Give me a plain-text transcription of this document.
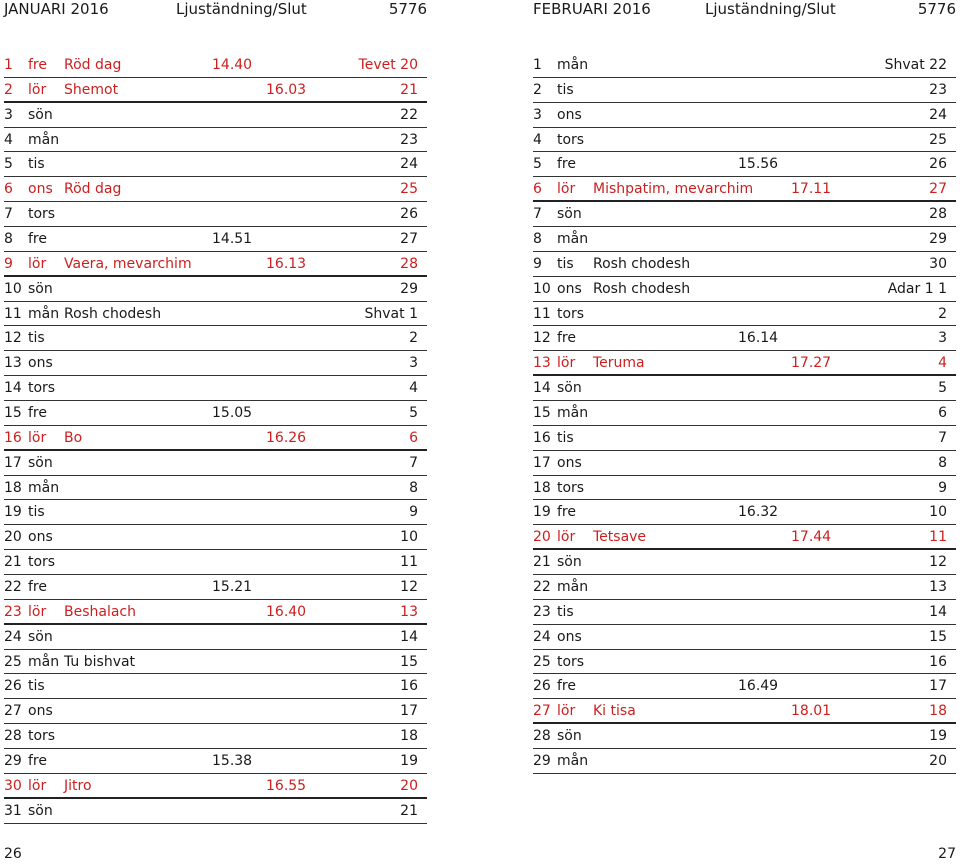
JANUARI 2016	Ljuständning/Slut	5776
1 fre Röd dag	14.40	Tevet 20
2 lör Shemot	16.03	21
3 sön	22
4 mån	23
5 tis	24
6 ons Röd dag	25
7 tors	26
8 fre	14.51	27
9 lör Vaera, mevarchim	16.13	28
10 sön	29
11 mån Rosh chodesh	Shvat 1
12 tis	2
13 ons	3
14 tors	4
15 fre	15.05	5
16 lör Bo	16.26	6
17 sön	7
18 mån	8
19 tis	9
20 ons	10
21 tors	11
22 fre	15.21	12
23 lör Beshalach	16.40	13
24 sön	14
25 mån Tu bishvat	15
26 tis	16
27 ons	17
28 tors	18
29 fre	15.38	19
30 lör Jitro	16.55	20
31 sön	21
FEBRUARI 2016	Ljuständning/Slut	5776
1 mån	Shvat 22
2 tis	23
3 ons	24
4 tors	25
5 fre	15.56	26
6 lör Mishpatim, mevarchim	17.11	27
7 sön	28
8 mån	29
9 tis Rosh chodesh	30
10 ons Rosh chodesh	Adar 1 1
11 tors	2
12 fre	16.14	3
13 lör Teruma	17.27	4
14 sön	5
15 mån	6
16 tis	7
17 ons	8
18 tors	9
19 fre	16.32	10
20 lör Tetsave	17.44	11
21 sön	12
22 mån	13
23 tis	14
24 ons	15
25 tors	16
26 fre	16.49	17
27 lör Ki tisa	18.01	18
28 sön	19
29 mån	20
26	27
